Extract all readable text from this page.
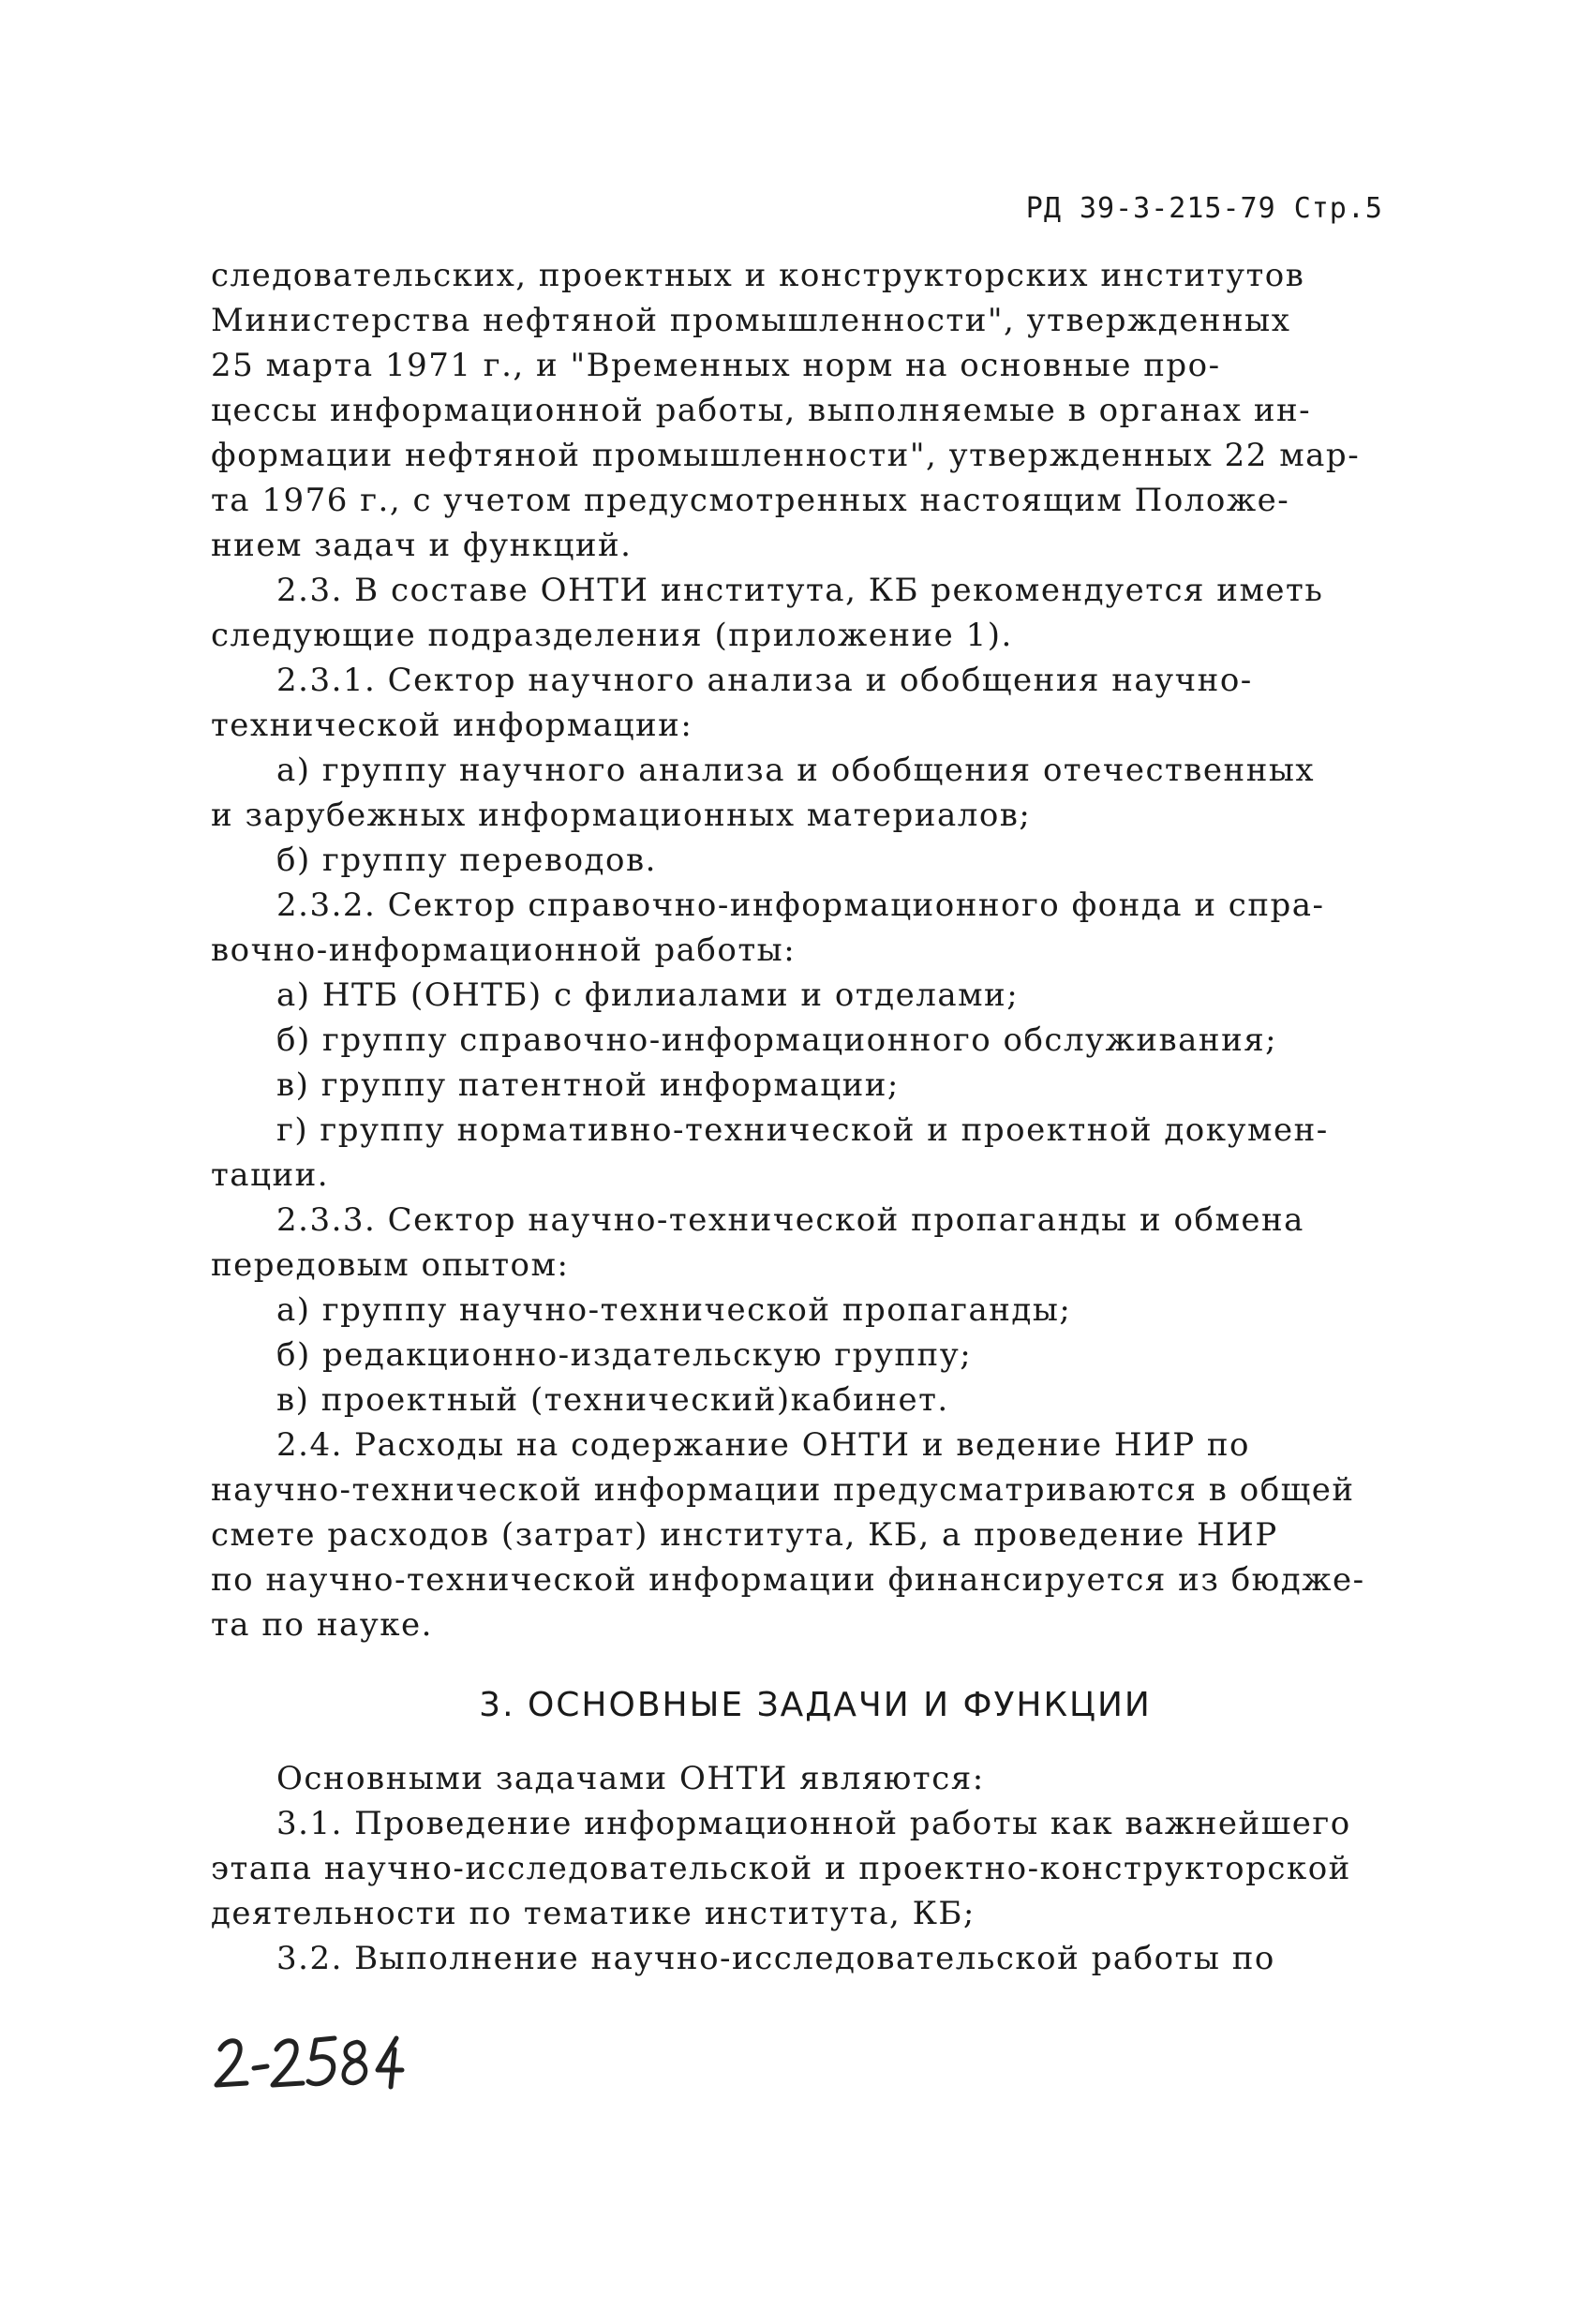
РД 39-3-215-79 Стр.5
следовательских, проектных и конструкторских институтов
Министерства нефтяной промышленности", утвержденных
25 марта 1971 г., и "Временных норм на основные про-
цессы информационной работы, выполняемые в органах ин-
формации нефтяной промышленности", утвержденных 22 мар-
та 1976 г., с учетом предусмотренных настоящим Положе-
нием задач и функций.
2.3. В составе ОНТИ института, КБ рекомендуется иметь
следующие подразделения (приложение 1).
2.3.1. Сектор научного анализа и обобщения научно-
технической информации:
а) группу научного анализа и обобщения отечественных
и зарубежных информационных материалов;
б) группу переводов.
2.3.2. Сектор справочно-информационного фонда и спра-
вочно-информационной работы:
а) НТБ (ОНТБ) с филиалами и отделами;
б) группу справочно-информационного обслуживания;
в) группу патентной информации;
г) группу нормативно-технической и проектной докумен-
тации.
2.3.3. Сектор научно-технической пропаганды и обмена
передовым опытом:
а) группу научно-технической пропаганды;
б) редакционно-издательскую группу;
в) проектный (технический)кабинет.
2.4. Расходы на содержание ОНТИ и ведение НИР по
научно-технической информации предусматриваются в общей
смете расходов (затрат) института, КБ, а проведение НИР
по научно-технической информации финансируется из бюдже-
та по науке.
3. ОСНОВНЫЕ ЗАДАЧИ И ФУНКЦИИ
Основными задачами ОНТИ являются:
3.1. Проведение информационной работы как важнейшего
этапа научно-исследовательской и проектно-конструкторской
деятельности по тематике института, КБ;
3.2. Выполнение научно-исследовательской работы по
